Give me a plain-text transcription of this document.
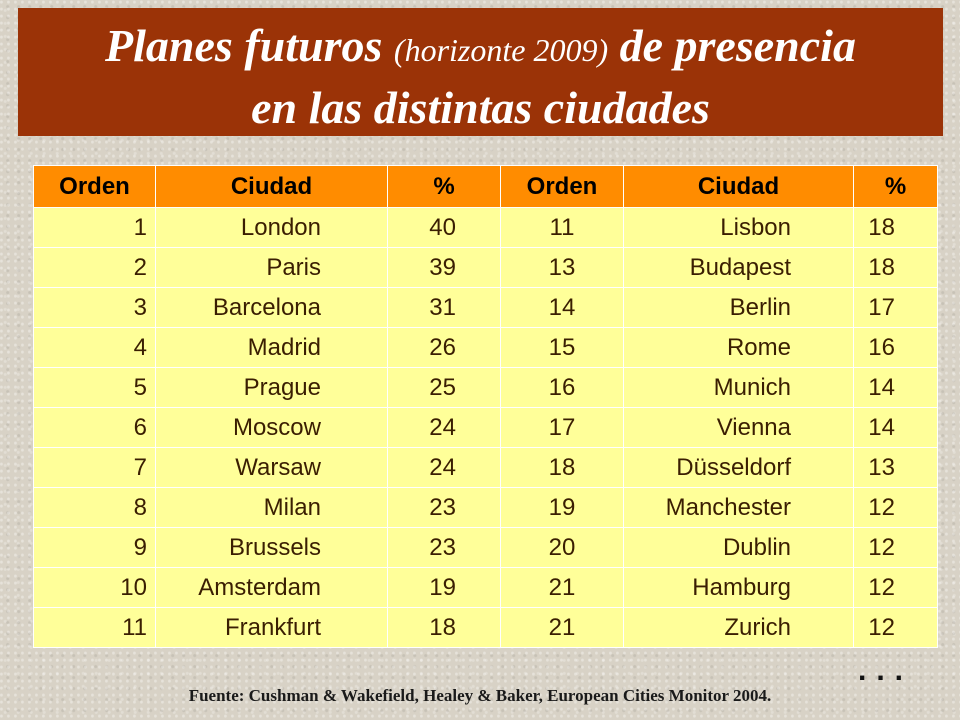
Planes futuros (horizonte 2009) de presencia
en las distintas ciudades
Orden	Ciudad	%	Orden	Ciudad	%
1	London	40	11	Lisbon	18
2	Paris	39	13	Budapest	18
3	Barcelona	31	14	Berlin	17
4	Madrid	26	15	Rome	16
5	Prague	25	16	Munich	14
6	Moscow	24	17	Vienna	14
7	Warsaw	24	18	Düsseldorf	13
8	Milan	23	19	Manchester	12
9	Brussels	23	20	Dublin	12
10	Amsterdam	19	21	Hamburg	12
11	Frankfurt	18	21	Zurich	12
...
Fuente: Cushman & Wakefield, Healey & Baker, European Cities Monitor 2004.
